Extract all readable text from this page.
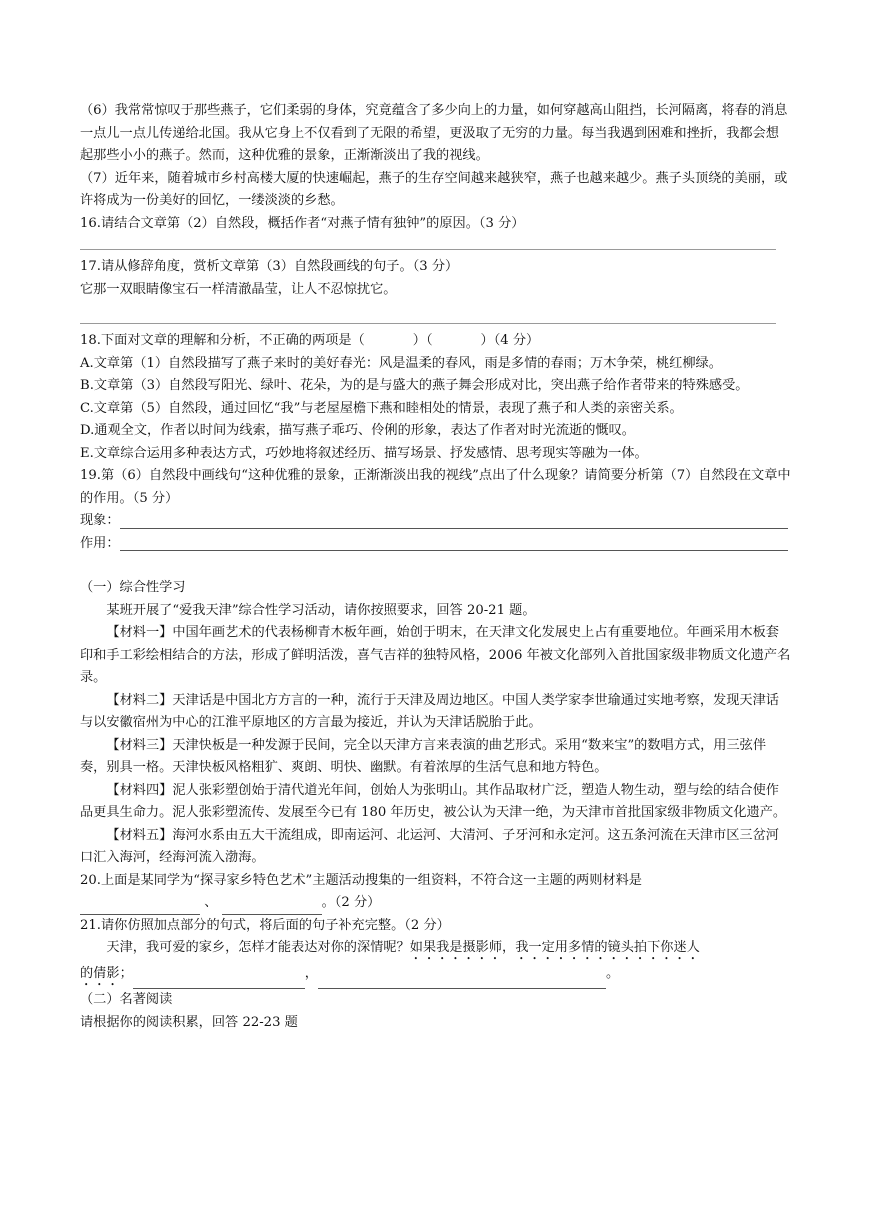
（6）我常常惊叹于那些燕子，它们柔弱的身体，究竟蕴含了多少向上的力量，如何穿越高山阻挡，长河隔离，将春的消息一点儿一点儿传递给北国。我从它身上不仅看到了无限的希望，更汲取了无穷的力量。每当我遇到困难和挫折，我都会想起那些小小的燕子。然而，这种优雅的景象，正渐渐淡出了我的视线。
（7）近年来，随着城市乡村高楼大厦的快速崛起，燕子的生存空间越来越狭窄，燕子也越来越少。燕子头顶绕的美丽，或许将成为一份美好的回忆，一缕淡淡的乡愁。
16.请结合文章第（2）自然段，概括作者“对燕子情有独钟”的原因。（3 分）
17.请从修辞角度，赏析文章第（3）自然段画线的句子。（3 分）
它那一双眼睛像宝石一样清澈晶莹，让人不忍惊扰它。
18.下面对文章的理解和分析，不正确的两项是（	）（	）（4 分）
A.文章第（1）自然段描写了燕子来时的美好春光：风是温柔的春风，雨是多情的春雨；万木争荣，桃红柳绿。
B.文章第（3）自然段写阳光、绿叶、花朵，为的是与盛大的燕子舞会形成对比，突出燕子给作者带来的特殊感受。
C.文章第（5）自然段，通过回忆“我”与老屋屋檐下燕和睦相处的情景，表现了燕子和人类的亲密关系。
D.通观全文，作者以时间为线索，描写燕子乖巧、伶俐的形象，表达了作者对时光流逝的慨叹。
E.文章综合运用多种表达方式，巧妙地将叙述经历、描写场景、抒发感情、思考现实等融为一体。
19.第（6）自然段中画线句“这种优雅的景象，正渐渐淡出我的视线”点出了什么现象？请简要分析第（7）自然段在文章中的作用。（5 分）
现象：
作用：
（一）综合性学习
某班开展了“爱我天津”综合性学习活动，请你按照要求，回答 20-21 题。
【材料一】中国年画艺术的代表杨柳青木板年画，始创于明末，在天津文化发展史上占有重要地位。年画采用木板套印和手工彩绘相结合的方法，形成了鲜明活泼，喜气吉祥的独特风格，2006 年被文化部列入首批国家级非物质文化遗产名录。
【材料二】天津话是中国北方方言的一种，流行于天津及周边地区。中国人类学家李世瑜通过实地考察，发现天津话与以安徽宿州为中心的江淮平原地区的方言最为接近，并认为天津话脱胎于此。
【材料三】天津快板是一种发源于民间，完全以天津方言来表演的曲艺形式。采用“数来宝”的数唱方式，用三弦伴奏，别具一格。天津快板风格粗犷、爽朗、明快、幽默。有着浓厚的生活气息和地方特色。
【材料四】泥人张彩塑创始于清代道光年间，创始人为张明山。其作品取材广泛，塑造人物生动，塑与绘的结合使作品更具生命力。泥人张彩塑流传、发展至今已有 180 年历史，被公认为天津一绝，为天津市首批国家级非物质文化遗产。
【材料五】海河水系由五大干流组成，即南运河、北运河、大清河、子牙河和永定河。这五条河流在天津市区三岔河口汇入海河，经海河流入渤海。
20.上面是某同学为“探寻家乡特色艺术”主题活动搜集的一组资料，不符合这一主题的两则材料是
、	。（2 分）
21.请你仿照加点部分的句式，将后面的句子补充完整。（2 分）
天津，我可爱的家乡，怎样才能表达对你的深情呢？如果我是摄影师，我一定用多情的镜头拍下你迷人
的倩影；	，	。
（二）名著阅读
请根据你的阅读积累，回答 22-23 题
